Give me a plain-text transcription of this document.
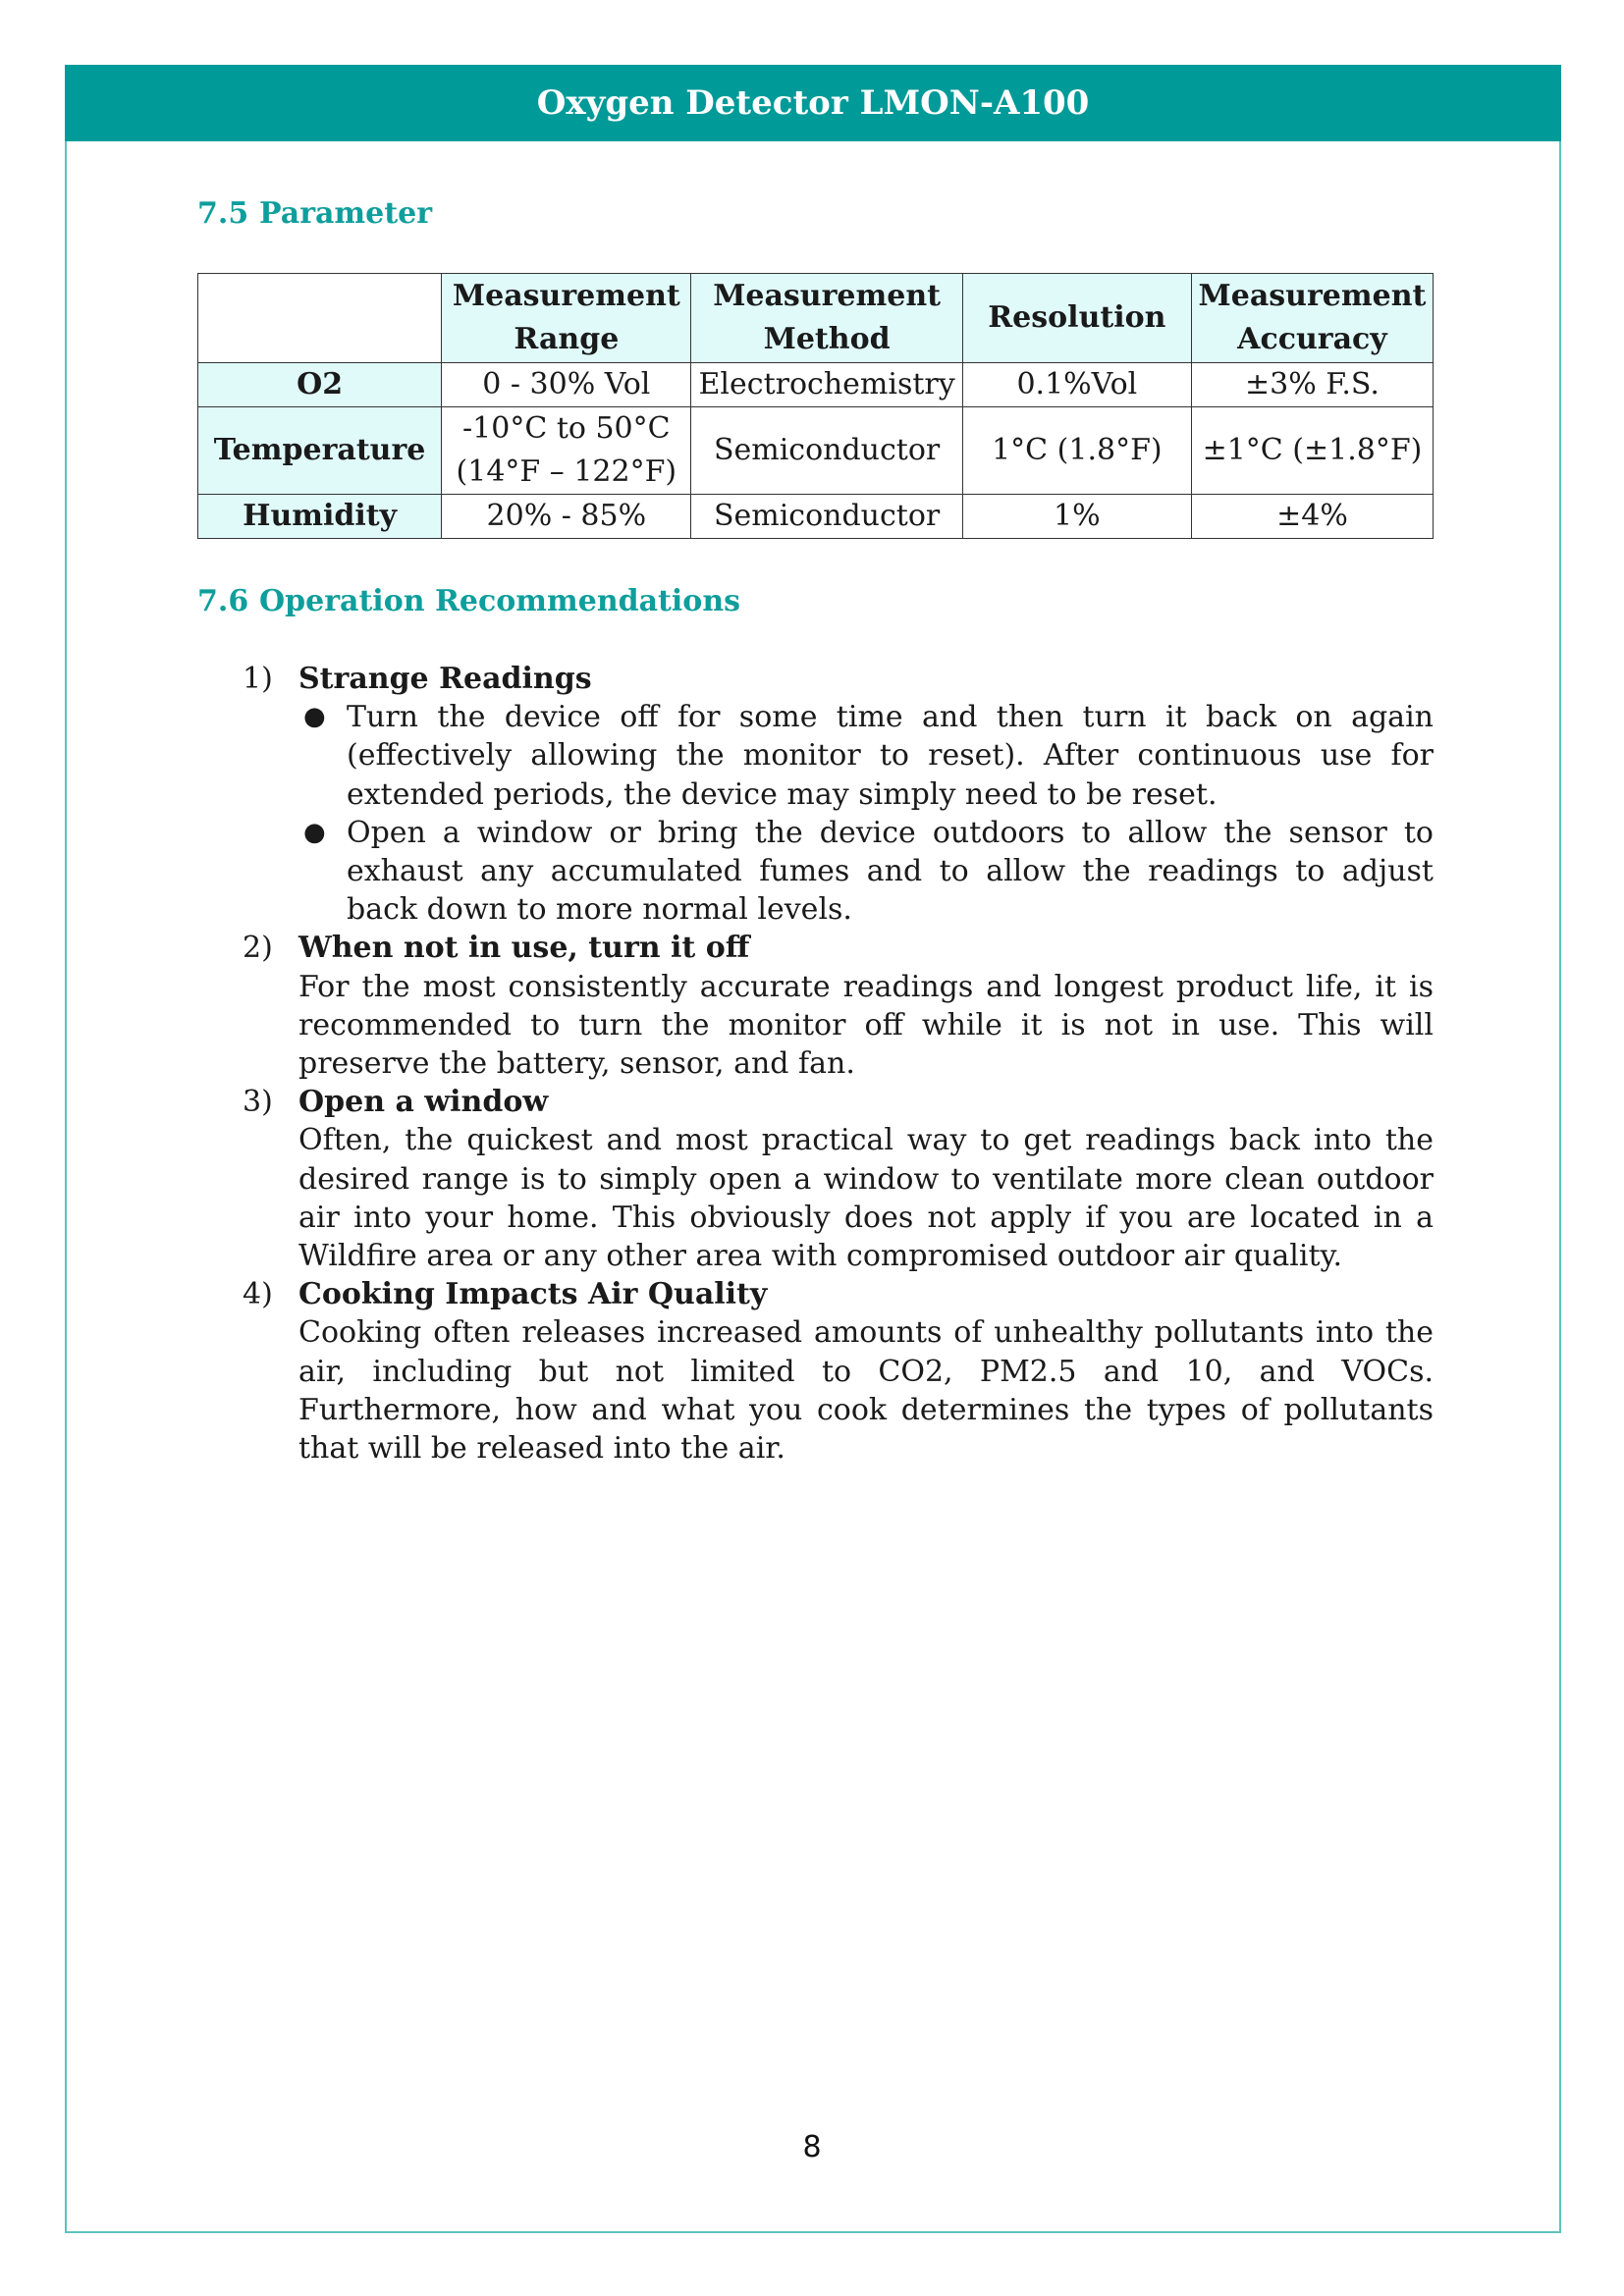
Oxygen Detector LMON-A100
7.5 Parameter
	Measurement Range	Measurement Method	Resolution	Measurement Accuracy
O2	0 - 30% Vol	Electrochemistry	0.1%Vol	±3% F.S.
Temperature	-10°C to 50°C
(14°F – 122°F)	Semiconductor	1°C (1.8°F)	±1°C (±1.8°F)
Humidity	20% - 85%	Semiconductor	1%	±4%
7.6 Operation Recommendations
1) Strange Readings
● Turn the device off for some time and then turn it back on again (effectively allowing the monitor to reset). After continuous use for extended periods, the device may simply need to be reset.
● Open a window or bring the device outdoors to allow the sensor to exhaust any accumulated fumes and to allow the readings to adjust back down to more normal levels.
2) When not in use, turn it off
For the most consistently accurate readings and longest product life, it is recommended to turn the monitor off while it is not in use. This will preserve the battery, sensor, and fan.
3) Open a window
Often, the quickest and most practical way to get readings back into the desired range is to simply open a window to ventilate more clean outdoor air into your home. This obviously does not apply if you are located in a Wildfire area or any other area with compromised outdoor air quality.
4) Cooking Impacts Air Quality
Cooking often releases increased amounts of unhealthy pollutants into the air, including but not limited to CO2, PM2.5 and 10, and VOCs. Furthermore, how and what you cook determines the types of pollutants that will be released into the air.
8
